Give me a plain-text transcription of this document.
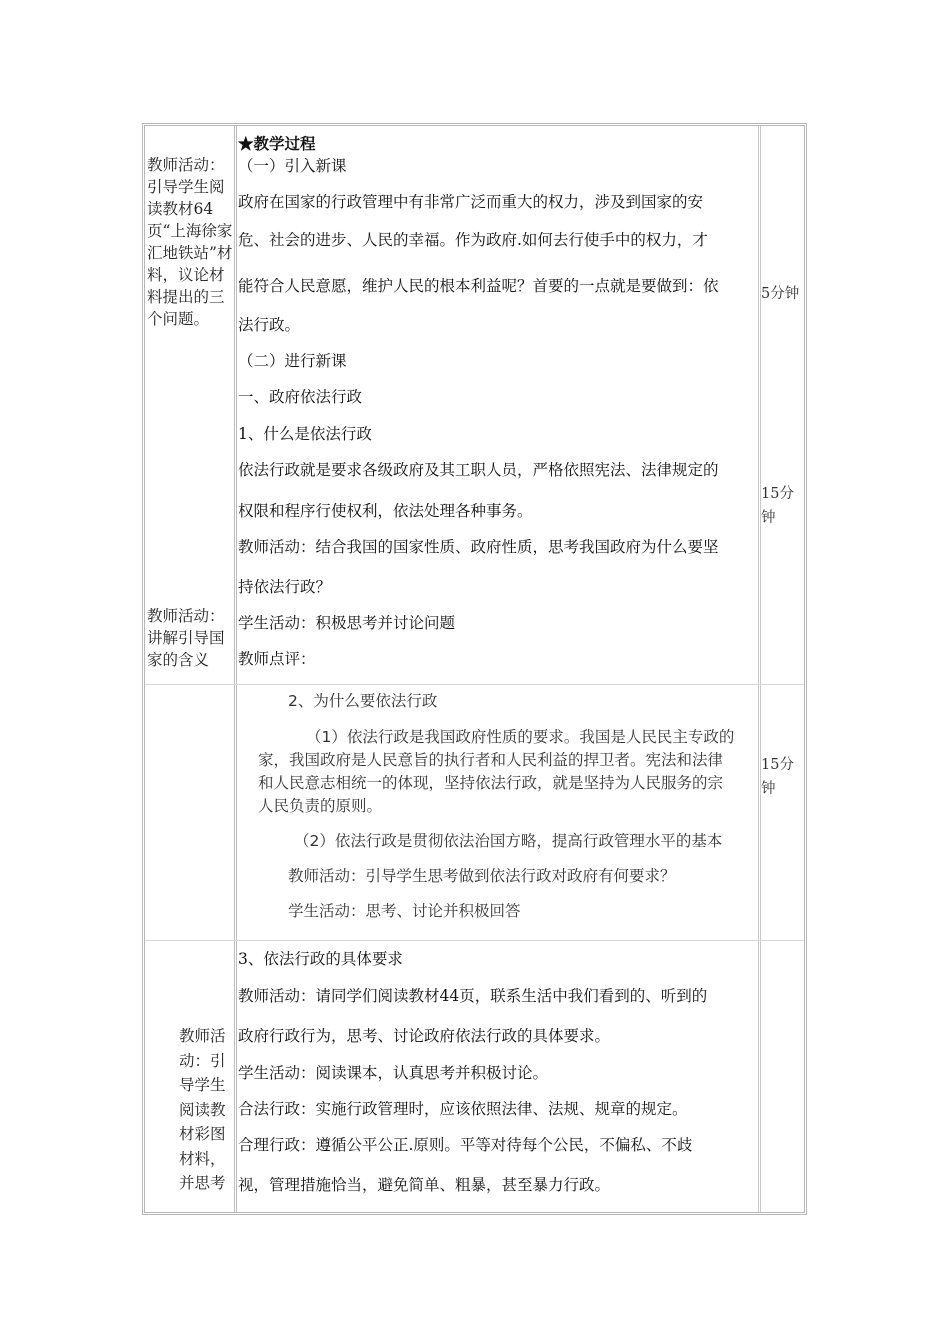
教师活动：引导学生阅读教材64页“上海徐家汇地铁站”材料，议论材料提出的三个问题。
教师活动：讲解引导国家的含义
教师活动：引导学生阅读教材彩图材料，并思考
5分钟
15分钟
15分钟
★教学过程
（一）引入新课
政府在国家的行政管理中有非常广泛而重大的权力，涉及到国家的安
危、社会的进步、人民的幸福。作为政府.如何去行使手中的权力，才
能符合人民意愿，维护人民的根本利益呢？首要的一点就是要做到：依
法行政。
（二）进行新课
一、政府依法行政
1、什么是依法行政
依法行政就是要求各级政府及其工职人员，严格依照宪法、法律规定的
权限和程序行使权利，依法处理各种事务。
教师活动：结合我国的国家性质、政府性质，思考我国政府为什么要坚
持依法行政？
学生活动：积极思考并讨论问题
教师点评：
2、为什么要依法行政
（1）依法行政是我国政府性质的要求。我国是人民民主专政的
家，我国政府是人民意旨的执行者和人民利益的捍卫者。宪法和法律
和人民意志相统一的体现，坚持依法行政，就是坚持为人民服务的宗
人民负责的原则。
（2）依法行政是贯彻依法治国方略，提高行政管理水平的基本
教师活动：引导学生思考做到依法行政对政府有何要求？
学生活动：思考、讨论并积极回答
3、依法行政的具体要求
教师活动：请同学们阅读教材44页，联系生活中我们看到的、听到的
政府行政行为，思考、讨论政府依法行政的具体要求。
学生活动：阅读课本，认真思考并积极讨论。
合法行政：实施行政管理时，应该依照法律、法规、规章的规定。
合理行政：遵循公平公正.原则。平等对待每个公民，不偏私、不歧
视，管理措施恰当，避免简单、粗暴，甚至暴力行政。
